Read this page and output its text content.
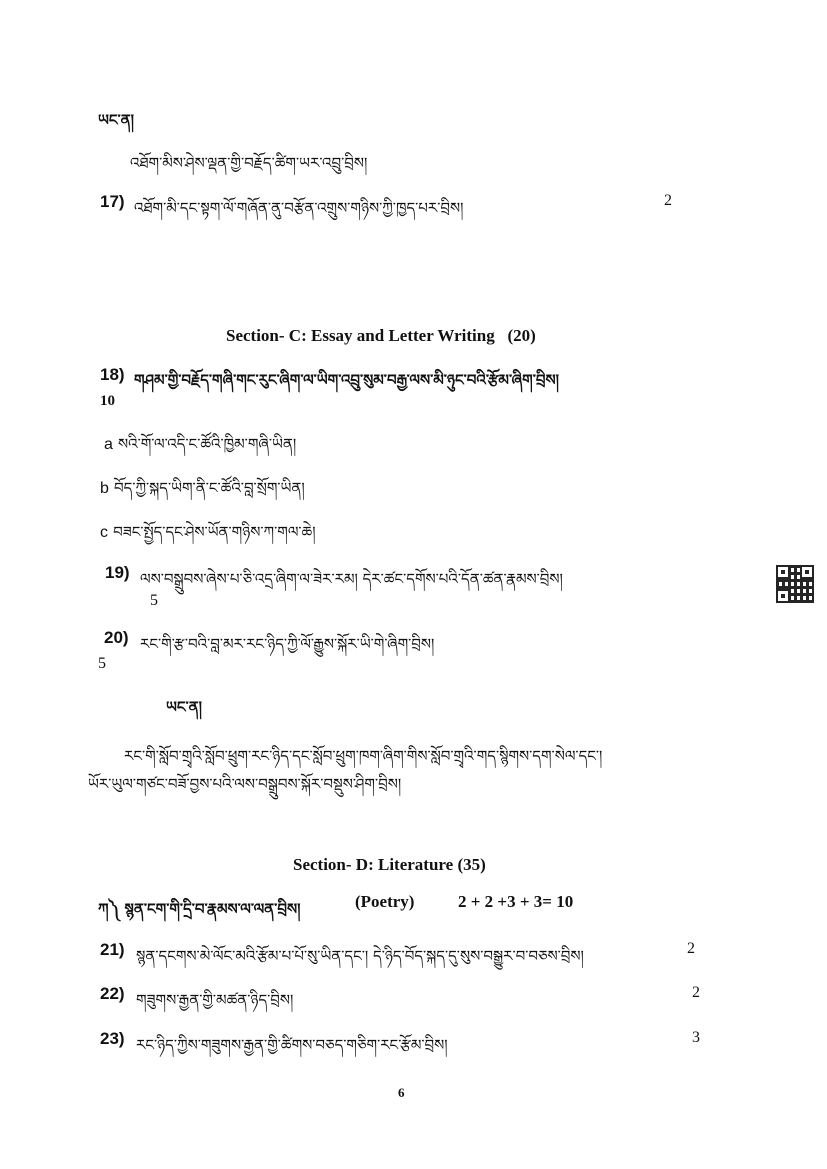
ཡང་ན།
འཐོག་མིས་ཤེས་ལྡན་གྱི་བརྗོད་ཚིག་ཡར་འབྲུ་བྲིས།
17) འཐོག་མི་དང་སྟག་ལོ་གཞོན་ནུ་བརྩོན་འགྲུས་གཉིས་ཀྱི་ཁྱད་པར་བྲིས།	2
Section- C: Essay and Letter Writing (20)
18) གཤམ་གྱི་བརྗོད་གཞི་གང་རུང་ཞིག་ལ་ཡིག་འབྲུ་སུམ་བརྒྱ་ལས་མི་ཉུང་བའི་རྩོམ་ཞིག་བྲིས།
10
a སའི་གོ་ལ་འདི་ང་ཚོའི་ཁྱིམ་གཞི་ཡིན།
b བོད་ཀྱི་སྐད་ཡིག་ནི་ང་ཚོའི་བླ་སྲོག་ཡིན།
c བཟང་སྤྱོད་དང་ཤེས་ཡོན་གཉིས་ཀ་གལ་ཆེ།
19) ལས་བསྒྲུབས་ཞེས་པ་ཅི་འདྲ་ཞིག་ལ་ཟེར་རམ། དེར་ཚང་དགོས་པའི་དོན་ཚན་རྣམས་བྲིས།
5
20) རང་གི་རྩ་བའི་བླ་མར་རང་ཉིད་ཀྱི་ལོ་རྒྱུས་སྐོར་ཡི་གེ་ཞིག་བྲིས།
5
ཡང་ན།
རང་གི་སློབ་གྲྭའི་སློབ་ཕྲུག་རང་ཉིད་དང་སློབ་ཕྲུག་ཁག་ཞིག་གིས་སློབ་གྲྭའི་གད་སྙིགས་དག་སེལ་དང་།
ཡོར་ཡུལ་གཙང་བཟོ་བྱས་པའི་ལས་བསྒྲུབས་སྐོར་བསྡུས་ཤིག་བྲིས།
Section- D: Literature (35)
ཀ༽ སྙན་ངག་གི་དྲི་བ་རྣམས་ལ་ལན་བྲིས།	(Poetry)	2 + 2 +3 + 3= 10
21) སྙན་དངགས་མེ་ལོང་མའི་རྩོམ་པ་པོ་སུ་ཡིན་དང་། དེ་ཉིད་བོད་སྐད་དུ་སུས་བསྒྱུར་བ་བཅས་བྲིས།	2
22) གཟུགས་རྒྱན་གྱི་མཚན་ཉིད་བྲིས།	2
23) རང་ཉིད་ཀྱིས་གཟུགས་རྒྱན་གྱི་ཚིགས་བཅད་གཅིག་རང་རྩོམ་བྲིས།	3
6
